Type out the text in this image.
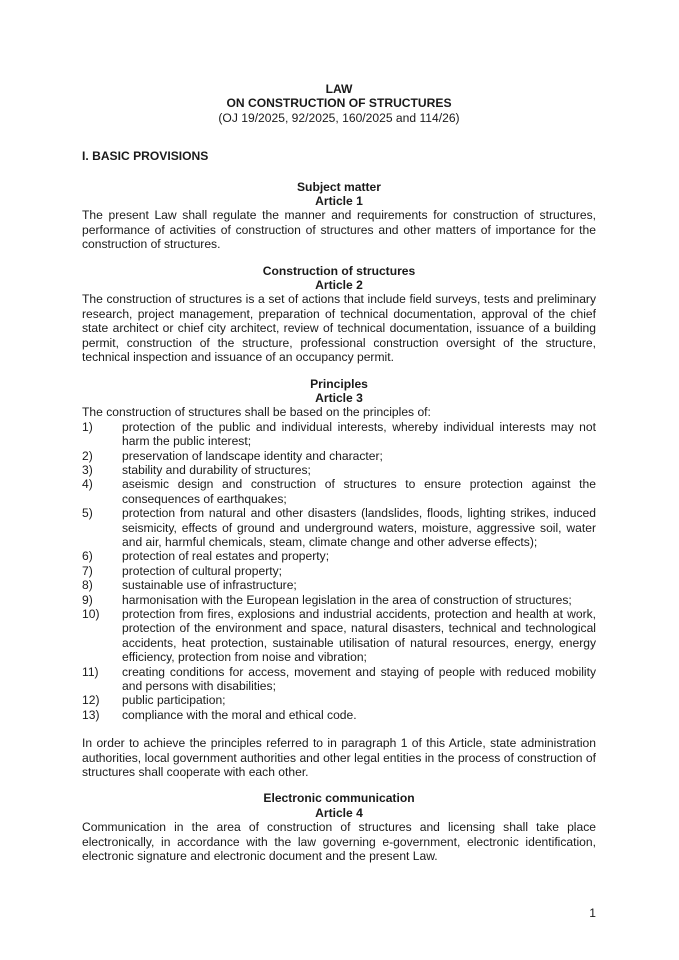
LAW
ON CONSTRUCTION OF STRUCTURES
(OJ 19/2025, 92/2025, 160/2025 and 114/26)
I. BASIC PROVISIONS
Subject matter
Article 1
The present Law shall regulate the manner and requirements for construction of structures, performance of activities of construction of structures and other matters of importance for the construction of structures.
Construction of structures
Article 2
The construction of structures is a set of actions that include field surveys, tests and preliminary research, project management, preparation of technical documentation, approval of the chief state architect or chief city architect, review of technical documentation, issuance of a building permit, construction of the structure, professional construction oversight of the structure, technical inspection and issuance of an occupancy permit.
Principles
Article 3
The construction of structures shall be based on the principles of:
1)	protection of the public and individual interests, whereby individual interests may not harm the public interest;
2)	preservation of landscape identity and character;
3)	stability and durability of structures;
4)	aseismic design and construction of structures to ensure protection against the consequences of earthquakes;
5)	protection from natural and other disasters (landslides, floods, lighting strikes, induced seismicity, effects of ground and underground waters, moisture, aggressive soil, water and air, harmful chemicals, steam, climate change and other adverse effects);
6)	protection of real estates and property;
7)	protection of cultural property;
8)	sustainable use of infrastructure;
9)	harmonisation with the European legislation in the area of construction of structures;
10)	protection from fires, explosions and industrial accidents, protection and health at work, protection of the environment and space, natural disasters, technical and technological accidents, heat protection, sustainable utilisation of natural resources, energy, energy efficiency, protection from noise and vibration;
11)	creating conditions for access, movement and staying of people with reduced mobility and persons with disabilities;
12)	public participation;
13)	compliance with the moral and ethical code.
In order to achieve the principles referred to in paragraph 1 of this Article, state administration authorities, local government authorities and other legal entities in the process of construction of structures shall cooperate with each other.
Electronic communication
Article 4
Communication in the area of construction of structures and licensing shall take place electronically, in accordance with the law governing e-government, electronic identification, electronic signature and electronic document and the present Law.
1
